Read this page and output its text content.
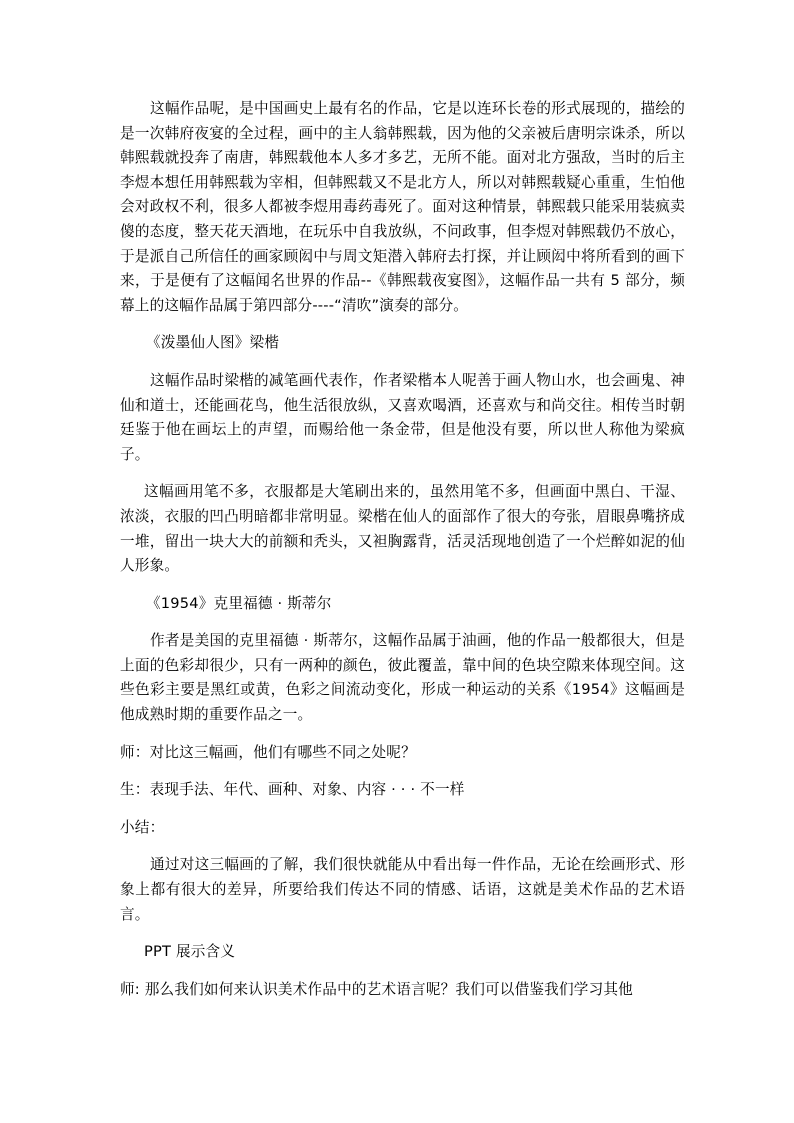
这幅作品呢，是中国画史上最有名的作品，它是以连环长卷的形式展现的，描绘的是一次韩府夜宴的全过程，画中的主人翁韩熙载，因为他的父亲被后唐明宗诛杀，所以韩熙载就投奔了南唐，韩熙载他本人多才多艺，无所不能。面对北方强敌，当时的后主李煜本想任用韩熙载为宰相，但韩熙载又不是北方人，所以对韩熙载疑心重重，生怕他会对政权不利，很多人都被李煜用毒药毒死了。面对这种情景，韩熙载只能采用装疯卖傻的态度，整天花天酒地，在玩乐中自我放纵，不问政事，但李煜对韩熙载仍不放心，于是派自己所信任的画家顾闳中与周文矩潜入韩府去打探，并让顾闳中将所看到的画下来，于是便有了这幅闻名世界的作品--《韩熙载夜宴图》，这幅作品一共有 5 部分，频幕上的这幅作品属于第四部分----“清吹”演奏的部分。

《泼墨仙人图》梁楷

这幅作品时梁楷的减笔画代表作，作者梁楷本人呢善于画人物山水，也会画鬼、神仙和道士，还能画花鸟，他生活很放纵，又喜欢喝酒，还喜欢与和尚交往。相传当时朝廷鉴于他在画坛上的声望，而赐给他一条金带，但是他没有要，所以世人称他为梁疯子。

这幅画用笔不多，衣服都是大笔刷出来的，虽然用笔不多，但画面中黑白、干湿、浓淡，衣服的凹凸明暗都非常明显。梁楷在仙人的面部作了很大的夸张，眉眼鼻嘴挤成一堆，留出一块大大的前额和秃头，又袒胸露背，活灵活现地创造了一个烂醉如泥的仙人形象。

《1954》克里福德 · 斯蒂尔

作者是美国的克里福德 · 斯蒂尔，这幅作品属于油画，他的作品一般都很大，但是上面的色彩却很少，只有一两种的颜色，彼此覆盖，靠中间的色块空隙来体现空间。这些色彩主要是黑红或黄，色彩之间流动变化，形成一种运动的关系《1954》这幅画是他成熟时期的重要作品之一。

师：对比这三幅画，他们有哪些不同之处呢？

生：表现手法、年代、画种、对象、内容 · · · 不一样

小结：

通过对这三幅画的了解，我们很快就能从中看出每一件作品，无论在绘画形式、形象上都有很大的差异，所要给我们传达不同的情感、话语，这就是美术作品的艺术语言。

PPT 展示含义

师: 那么我们如何来认识美术作品中的艺术语言呢？我们可以借鉴我们学习其他
